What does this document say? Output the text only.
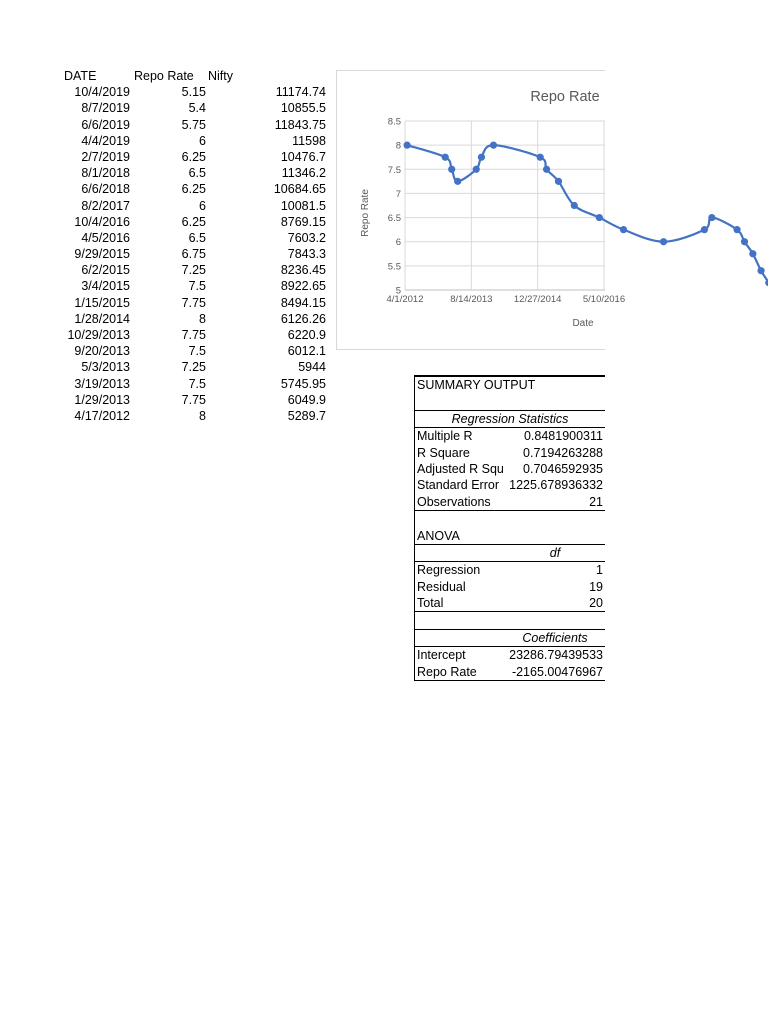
DATE	Repo Rate	Nifty
10/4/2019	5.15	11174.74
8/7/2019	5.4	10855.5
6/6/2019	5.75	11843.75
4/4/2019	6	11598
2/7/2019	6.25	10476.7
8/1/2018	6.5	11346.2
6/6/2018	6.25	10684.65
8/2/2017	6	10081.5
10/4/2016	6.25	8769.15
4/5/2016	6.5	7603.2
9/29/2015	6.75	7843.3
6/2/2015	7.25	8236.45
3/4/2015	7.5	8922.65
1/15/2015	7.75	8494.15
1/28/2014	8	6126.26
10/29/2013	7.75	6220.9
9/20/2013	7.5	6012.1
5/3/2013	7.25	5944
3/19/2013	7.5	5745.95
1/29/2013	7.75	6049.9
4/17/2012	8	5289.7
5
5.5
6
6.5
7
7.5
8
8.5
4/1/2012	8/14/2013 12/27/2014 5/10/2016
Repo Rate
Date
Repo Rate
SUMMARY OUTPUT
Regression Statistics
Multiple R	0.8481900311
R Square	0.7194263288
Adjusted R Squ 0.7046592935
Standard Error 1225.678936332
Observations	21
ANOVA
df
Regression	1
Residual	19
Total	20
Coefficients
Intercept	23286.79439533
Repo Rate	-2165.00476967
